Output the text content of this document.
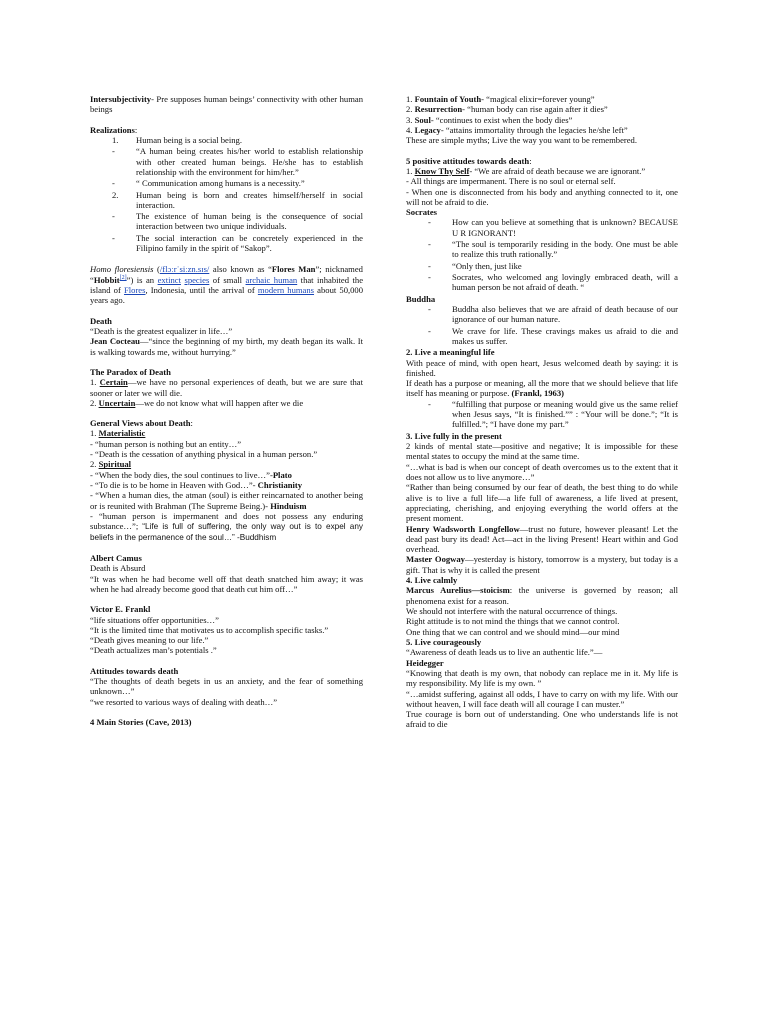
Intersubjectivity- Pre supposes human beings’ connectivity with other human beings

Realizations:

1. Human being is a social being.
- “A human being creates his/her world to establish relationship with other created human beings. He/she has to establish relationship with the environment for him/her.”
- “ Communication among humans is a necessity.”
2. Human being is born and creates himself/herself in social interaction.
- The existence of human being is the consequence of social interaction between two unique individuals.
- The social interaction can be concretely experienced in the Filipino family in the spirit of “Sakop”.

Homo floresiensis (/flɔːrˈsiːzn.sɪs/ also known as “Flores Man”; nicknamed “Hobbit[2]”) is an extinct species of small archaic human that inhabited the island of Flores, Indonesia, until the arrival of modern humans about 50,000 years ago.

Death

“Death is the greatest equalizer in life…”

Jean Cocteau—“since the beginning of my birth, my death began its walk. It is walking towards me, without hurrying.”

The Paradox of Death

1. Certain—we have no personal experiences of death, but we are sure that sooner or later we will die.

2. Uncertain—we do not know what will happen after we die

General Views about Death:

1. Materialistic

- “human person is nothing but an entity…”

- “Death is the cessation of anything physical in a human person.”

2. Spiritual

- “When the body dies, the soul continues to live…”-Plato

- “To die is to be home in Heaven with God…”- Christianity

- “When a human dies, the atman (soul) is either reincarnated to another being or is reunited with Brahman (The Supreme Being.)- Hinduism

- “human person is impermanent and does not possess any enduring substance…”; “Life is full of suffering, the only way out is to expel any beliefs in the permanence of the soul…” -Buddhism

Albert Camus

Death is Absurd

“It was when he had become well off that death snatched him away; it was when he had already become good that death cut him off…”

Victor E. Frankl

“life situations offer opportunities…”

“It is the limited time that motivates us to accomplish specific tasks.”

“Death gives meaning to our life.”

“Death actualizes man’s potentials .”

Attitudes towards death

“The thoughts of death begets in us an anxiety, and the fear of something unknown…”

“we resorted to various ways of dealing with death…”

4 Main Stories (Cave, 2013)

1. Fountain of Youth- “magical elixir=forever young”

2. Resurrection- “human body can rise again after it dies”

3. Soul- “continues to exist when the body dies”

4. Legacy- “attains immortality through the legacies he/she left”

These are simple myths; Live the way you want to be remembered.

5 positive attitudes towards death:

1. Know Thy Self- “We are afraid of death because we are ignorant.”

- All things are impermanent. There is no soul or eternal self.

- When one is disconnected from his body and anything connected to it, one will not be afraid to die.

Socrates

- How can you believe at something that is unknown? BECAUSE U R IGNORANT!
- “The soul is temporarily residing in the body. One must be able to realize this truth rationally.”
- “Only then, just like
- Socrates, who welcomed ang lovingly embraced death, will a human person be not afraid of death. “

Buddha

- Buddha also believes that we are afraid of death because of our ignorance of our human nature.
- We crave for life. These cravings makes us afraid to die and makes us suffer.

2. Live a meaningful life

With peace of mind, with open heart, Jesus welcomed death by saying: it is finished.

If death has a purpose or meaning, all the more that we should believe that life itself has meaning or purpose. (Frankl, 1963)

- “fulfilling that purpose or meaning would give us the same relief when Jesus says, “It is finished.”” : “Your will be done.”; “It is fulfilled.”; “I have done my part.”

3. Live fully in the present

2 kinds of mental state—positive and negative; It is impossible for these mental states to occupy the mind at the same time.

“…what is bad is when our concept of death overcomes us to the extent that it does not allow us to live anymore…”

“Rather than being consumed by our fear of death, the best thing to do while alive is to live a full life—a life full of awareness, a life lived at present, appreciating, cherishing, and enjoying everything the world offers at the present moment.

Henry Wadsworth Longfellow—trust no future, however pleasant! Let the dead past bury its dead! Act—act in the living Present! Heart within and God overhead.

Master Oogway—yesterday is history, tomorrow is a mystery, but today is a gift. That is why it is called the present

4. Live calmly

Marcus Aurelius—stoicism: the universe is governed by reason; all phenomena exist for a reason.

We should not interfere with the natural occurrence of things.

Right attitude is to not mind the things that we cannot control.

One thing that we can control and we should mind—our mind

5. Live courageously

“Awareness of death leads us to live an authentic life.”—

Heidegger

“Knowing that death is my own, that nobody can replace me in it. My life is my responsibility. My life is my own. ”

“…amidst suffering, against all odds, I have to carry on with my life. With our without heaven, I will face death will all courage I can muster.”

True courage is born out of understanding. One who understands life is not afraid to die
